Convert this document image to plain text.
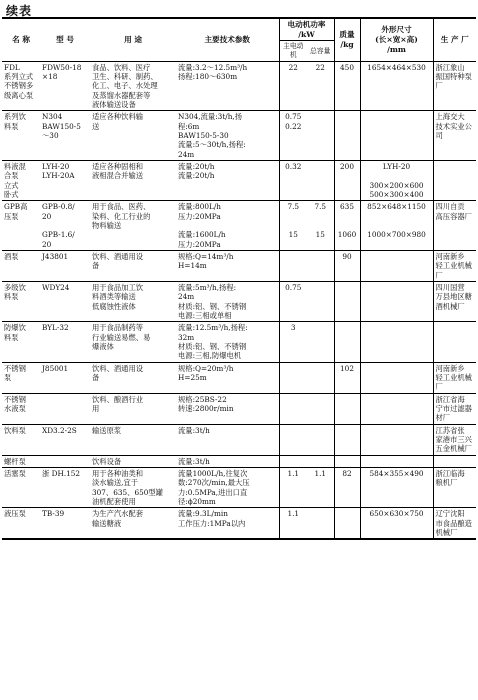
续表
名 称	型 号	用 途	主要技术参数	电动机功率
/kW		质量
/kg	外形尺寸
(长×宽×高)
/mm	生 产 厂
				主电动机	总容量			
FDL
系列立式
不锈钢多
级离心泵	FDW50-18
×18	食品、饮料、医疗
卫生、科研、制药、
化工、电子、水处理
及蒸馏水器配套等
液体输送设备	流量:3.2～12.5m³/h
扬程:180～630m	22	22	450	1654×464×530	浙江象山
振国特种泵
厂
系列饮
料泵	N304
BAW150-5
～30	适应各种饮料输
送	N304,流量:3t/h,扬
程:6m
BAW150-5-30
流量:5～30t/h,扬程:
24m	0.75
0.22				上海交大
技术实业公
司
料液混
合泵
立式
卧式	LYH-20
LYH-20A	适应各种固相和
液相混合并输送	流量:20t/h
流量:20t/h	0.32		200	LYH-20

300×200×600
500×300×400	
GPB高
压泵	GPB-0.8/
20

GPB-1.6/
20	用于食品、医药、
染料、化工行业的
物料输送	流量:800L/h
压力:20MPa

流量:1600L/h
压力:20MPa	7.5

15	7.5

15	635

1060	852×648×1150

1000×700×980	四川自贡
高压容器厂
酒泵	J43801	饮料、酒通用设
备	规格:Q=14m³/h
H=14m			90		河南新乡
轻工业机械
厂
多级饮
料泵	WDY24	用于食品加工饮
料酒类等输送
低腐蚀性液体	流量:5m³/h,扬程:
24m
材质:铝、钢、不锈钢
电源:三相或单相	0.75				四川国营
万县地区糖
酒机械厂
防爆饮
料泵	BYL-32	用于食品制药等
行业输送易燃、易
爆液体	流量:12.5m³/h,扬程:
32m
材质:铝、钢、不锈钢
电源:三相,防爆电机	3				
不锈钢
泵	J85001	饮料、酒通用设
备	规格:Q=20m³/h
H=25m			102		河南新乡
轻工业机械
厂
不锈钢
水液泵		饮料、酿酒行业
用	规格:25BS-22
转速:2800r/min					浙江省海
宁市过滤器
材厂
饮料泵	XD3.2-2S	输送原浆	流量:3t/h					江苏省张
家港市三兴
五金机械厂
螺杆泵		饮料设备	流量:3t/h					
活塞泵	浙 DH.152	用于各种油类和
淡水输送,宜于
307、635、650型罐
油机配套使用	流量1000L/h,往复次
数:270次/min,最大压
力:0.5MPa,进出口直
径:ϕ20mm	1.1	1.1	82	584×355×490	浙江临海
粮机厂
液压泵	TB-39	为生产汽水配套
输送糖液	流量:9.3L/min
工作压力:1MPa以内	1.1			650×630×750	辽宁沈阳
市食品酿造
机械厂
